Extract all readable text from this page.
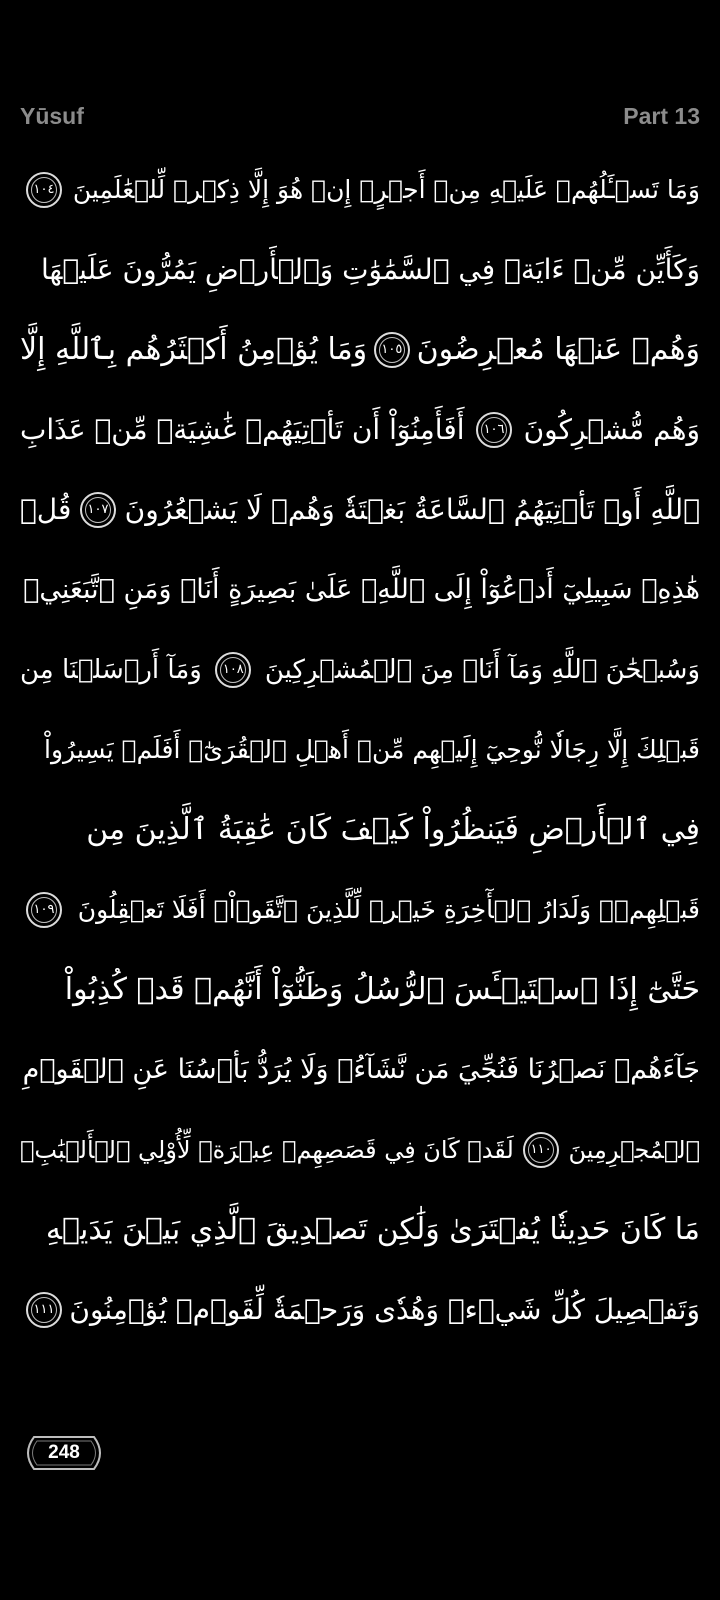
Yūsuf	Part 13
وَمَا تَسۡـَٔلُهُمۡ عَلَيۡهِ مِنۡ أَجۡرٍۚ إِنۡ هُوَ إِلَّا ذِكۡرٞ لِّلۡعَٰلَمِينَ
١٠٤
وَكَأَيِّن مِّنۡ ءَايَةٖ فِي ٱلسَّمَٰوَٰتِ وَٱلۡأَرۡضِ يَمُرُّونَ عَلَيۡهَا
وَهُمۡ عَنۡهَا مُعۡرِضُونَ
١٠٥
وَمَا يُؤۡمِنُ أَكۡثَرُهُم بِٱللَّهِ إِلَّا
وَهُم مُّشۡرِكُونَ
١٠٦
أَفَأَمِنُوٓاْ أَن تَأۡتِيَهُمۡ غَٰشِيَةٞ مِّنۡ عَذَابِ
ٱللَّهِ أَوۡ تَأۡتِيَهُمُ ٱلسَّاعَةُ بَغۡتَةٗ وَهُمۡ لَا يَشۡعُرُونَ
١٠٧
قُلۡ
هَٰذِهِۦ سَبِيلِيٓ أَدۡعُوٓاْ إِلَى ٱللَّهِۚ عَلَىٰ بَصِيرَةٍ أَنَا۠ وَمَنِ ٱتَّبَعَنِيۖ
وَسُبۡحَٰنَ ٱللَّهِ وَمَآ أَنَا۠ مِنَ ٱلۡمُشۡرِكِينَ
١٠٨
وَمَآ أَرۡسَلۡنَا مِن
قَبۡلِكَ إِلَّا رِجَالٗا نُّوحِيٓ إِلَيۡهِم مِّنۡ أَهۡلِ ٱلۡقُرَىٰٓۗ أَفَلَمۡ يَسِيرُواْ
فِي ٱلۡأَرۡضِ فَيَنظُرُواْ كَيۡفَ كَانَ عَٰقِبَةُ ٱلَّذِينَ مِن
قَبۡلِهِمۡۗ وَلَدَارُ ٱلۡأٓخِرَةِ خَيۡرٞ لِّلَّذِينَ ٱتَّقَوۡاْۚ أَفَلَا تَعۡقِلُونَ
١٠٩
حَتَّىٰٓ إِذَا ٱسۡتَيۡـَٔسَ ٱلرُّسُلُ وَظَنُّوٓاْ أَنَّهُمۡ قَدۡ كُذِبُواْ
جَآءَهُمۡ نَصۡرُنَا فَنُجِّيَ مَن نَّشَآءُۖ وَلَا يُرَدُّ بَأۡسُنَا عَنِ ٱلۡقَوۡمِ
ٱلۡمُجۡرِمِينَ
١١٠
لَقَدۡ كَانَ فِي قَصَصِهِمۡ عِبۡرَةٞ لِّأُوْلِي ٱلۡأَلۡبَٰبِۗ
مَا كَانَ حَدِيثٗا يُفۡتَرَىٰ وَلَٰكِن تَصۡدِيقَ ٱلَّذِي بَيۡنَ يَدَيۡهِ
وَتَفۡصِيلَ كُلِّ شَيۡءٖ وَهُدٗى وَرَحۡمَةٗ لِّقَوۡمٖ يُؤۡمِنُونَ
١١١
248
